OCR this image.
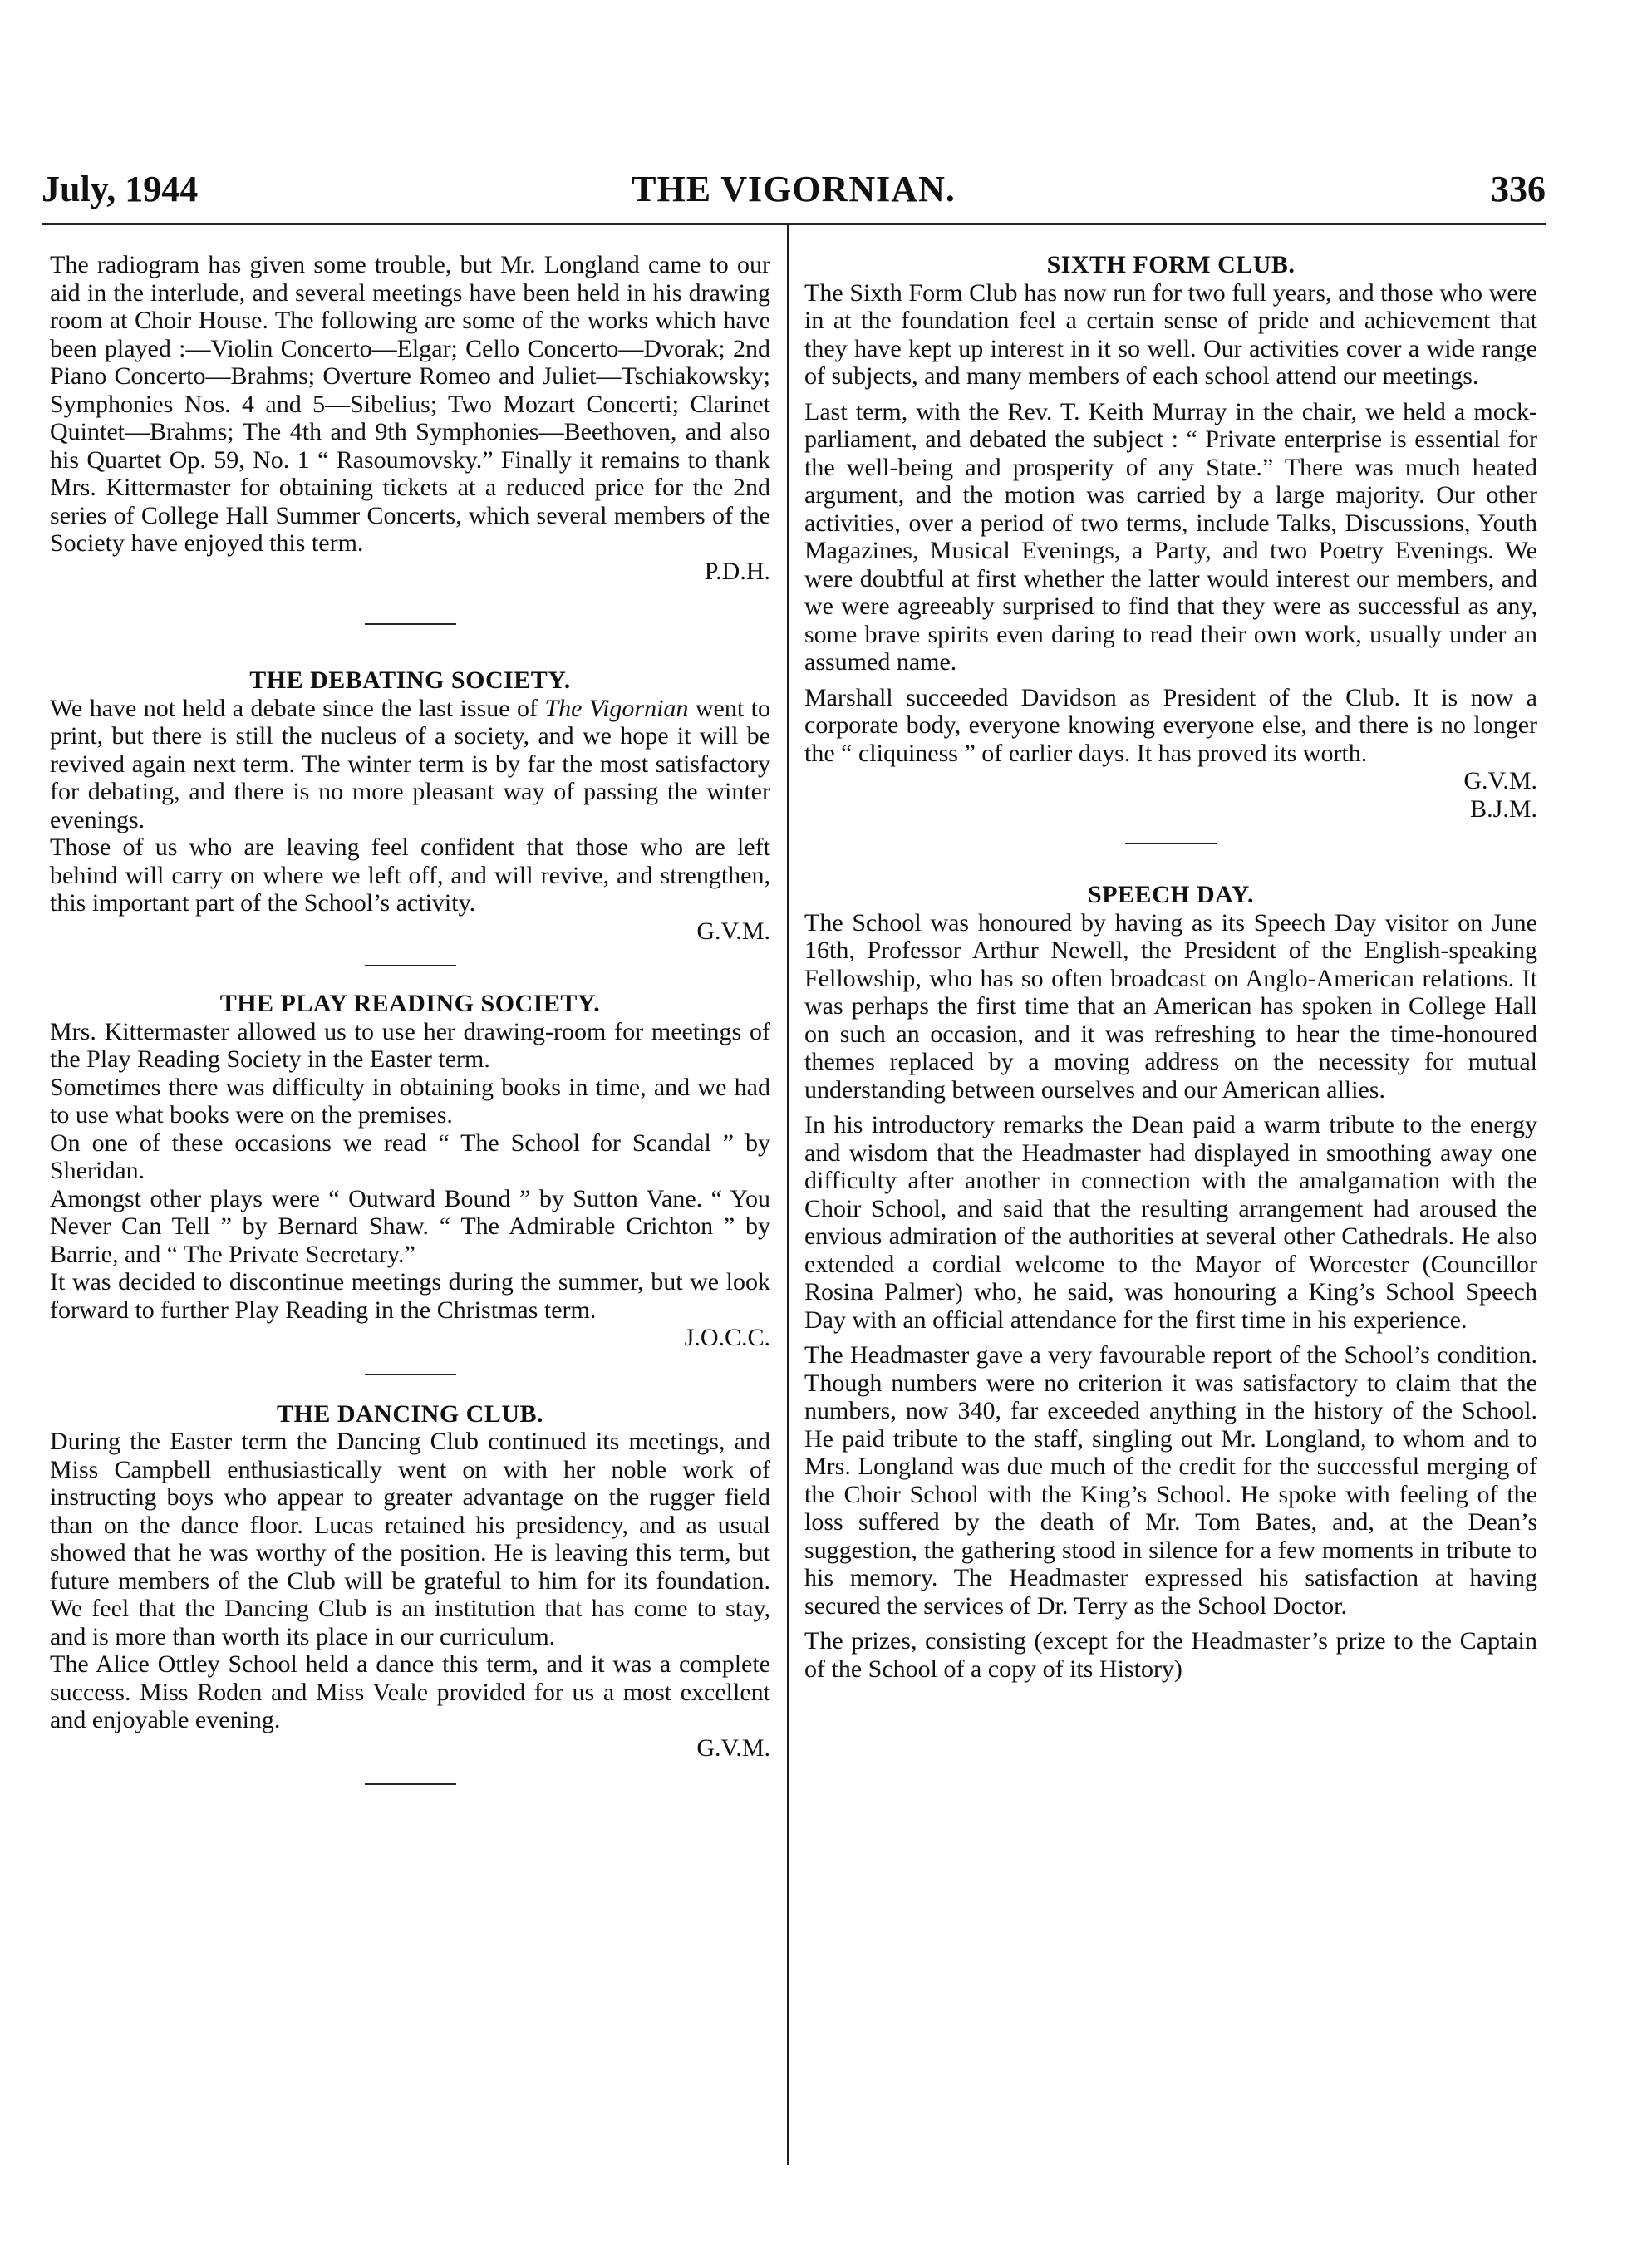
July, 1944	THE VIGORNIAN.	336

The radiogram has given some trouble, but Mr. Longland came to our aid in the interlude, and several meetings have been held in his drawing room at Choir House. The following are some of the works which have been played :—Violin Concerto—Elgar; Cello Concerto—Dvorak; 2nd Piano Concerto—Brahms; Overture Romeo and Juliet—Tschiakowsky; Symphonies Nos. 4 and 5—Sibelius; Two Mozart Concerti; Clarinet Quintet—Brahms; The 4th and 9th Symphonies—Beethoven, and also his Quartet Op. 59, No. 1 “ Rasoumovsky.” Finally it remains to thank Mrs. Kittermaster for obtaining tickets at a reduced price for the 2nd series of College Hall Summer Concerts, which several members of the Society have enjoyed this term.

P.D.H.

THE DEBATING SOCIETY.

We have not held a debate since the last issue of The Vigornian went to print, but there is still the nucleus of a society, and we hope it will be revived again next term. The winter term is by far the most satisfactory for debating, and there is no more pleasant way of passing the winter evenings.

Those of us who are leaving feel confident that those who are left behind will carry on where we left off, and will revive, and strengthen, this important part of the School’s activity.

G.V.M.

THE PLAY READING SOCIETY.

Mrs. Kittermaster allowed us to use her drawing-room for meetings of the Play Reading Society in the Easter term.

Sometimes there was difficulty in obtaining books in time, and we had to use what books were on the premises.

On one of these occasions we read “ The School for Scandal ” by Sheridan.

Amongst other plays were “ Outward Bound ” by Sutton Vane. “ You Never Can Tell ” by Bernard Shaw. “ The Admirable Crichton ” by Barrie, and “ The Private Secretary.”

It was decided to discontinue meetings during the summer, but we look forward to further Play Reading in the Christmas term.

J.O.C.C.

THE DANCING CLUB.

During the Easter term the Dancing Club continued its meetings, and Miss Campbell enthusiastically went on with her noble work of instructing boys who appear to greater advantage on the rugger field than on the dance floor. Lucas retained his presidency, and as usual showed that he was worthy of the position. He is leaving this term, but future members of the Club will be grateful to him for its foundation. We feel that the Dancing Club is an institution that has come to stay, and is more than worth its place in our curriculum.

The Alice Ottley School held a dance this term, and it was a complete success. Miss Roden and Miss Veale provided for us a most excellent and enjoyable evening.

G.V.M.

SIXTH FORM CLUB.

The Sixth Form Club has now run for two full years, and those who were in at the foundation feel a certain sense of pride and achievement that they have kept up interest in it so well. Our activities cover a wide range of subjects, and many members of each school attend our meetings.

Last term, with the Rev. T. Keith Murray in the chair, we held a mock-parliament, and debated the subject : “ Private enterprise is essential for the well-being and prosperity of any State.” There was much heated argument, and the motion was carried by a large majority. Our other activities, over a period of two terms, include Talks, Discussions, Youth Magazines, Musical Evenings, a Party, and two Poetry Evenings. We were doubtful at first whether the latter would interest our members, and we were agreeably surprised to find that they were as successful as any, some brave spirits even daring to read their own work, usually under an assumed name.

Marshall succeeded Davidson as President of the Club. It is now a corporate body, everyone knowing everyone else, and there is no longer the “ cliquiness ” of earlier days. It has proved its worth.

G.V.M.

B.J.M.

SPEECH DAY.

The School was honoured by having as its Speech Day visitor on June 16th, Professor Arthur Newell, the President of the English-speaking Fellowship, who has so often broadcast on Anglo-American relations. It was perhaps the first time that an American has spoken in College Hall on such an occasion, and it was refreshing to hear the time-honoured themes replaced by a moving address on the necessity for mutual understanding between ourselves and our American allies.

In his introductory remarks the Dean paid a warm tribute to the energy and wisdom that the Headmaster had displayed in smoothing away one difficulty after another in connection with the amalgamation with the Choir School, and said that the resulting arrangement had aroused the envious admiration of the authorities at several other Cathedrals. He also extended a cordial welcome to the Mayor of Worcester (Councillor Rosina Palmer) who, he said, was honouring a King’s School Speech Day with an official attendance for the first time in his experience.

The Headmaster gave a very favourable report of the School’s condition. Though numbers were no criterion it was satisfactory to claim that the numbers, now 340, far exceeded anything in the history of the School. He paid tribute to the staff, singling out Mr. Longland, to whom and to Mrs. Longland was due much of the credit for the successful merging of the Choir School with the King’s School. He spoke with feeling of the loss suffered by the death of Mr. Tom Bates, and, at the Dean’s suggestion, the gathering stood in silence for a few moments in tribute to his memory. The Headmaster expressed his satisfaction at having secured the services of Dr. Terry as the School Doctor.

The prizes, consisting (except for the Headmaster’s prize to the Captain of the School of a copy of its History)
